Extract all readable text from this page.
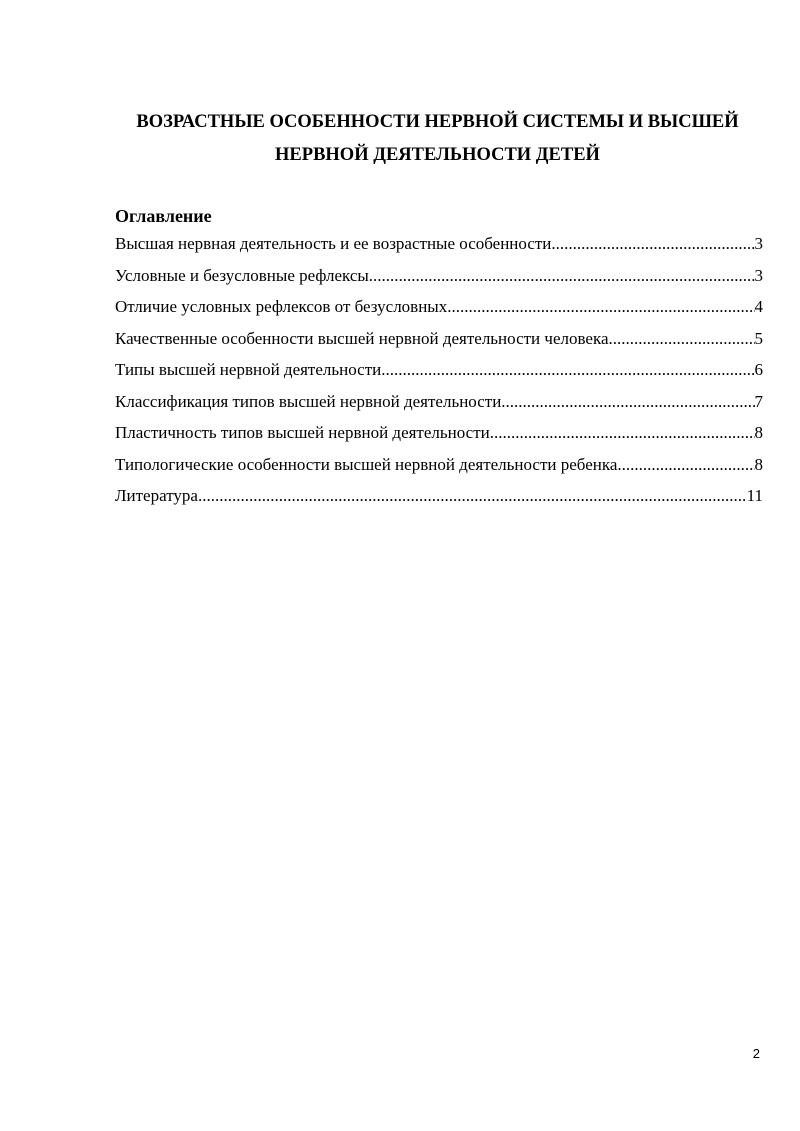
ВОЗРАСТНЫЕ ОСОБЕННОСТИ НЕРВНОЙ СИСТЕМЫ И ВЫСШЕЙ
НЕРВНОЙ ДЕЯТЕЛЬНОСТИ ДЕТЕЙ
Оглавление
Высшая нервная деятельность и ее возрастные особенности .....	3
Условные и безусловные рефлексы .....	3
Отличие условных рефлексов от безусловных .....	4
Качественные особенности высшей нервной деятельности человека .....	5
Типы высшей нервной деятельности .....	6
Классификация типов высшей нервной деятельности .....	7
Пластичность типов высшей нервной деятельности .....	8
Типологические особенности высшей нервной деятельности ребенка .....	8
Литература .....	11
2
